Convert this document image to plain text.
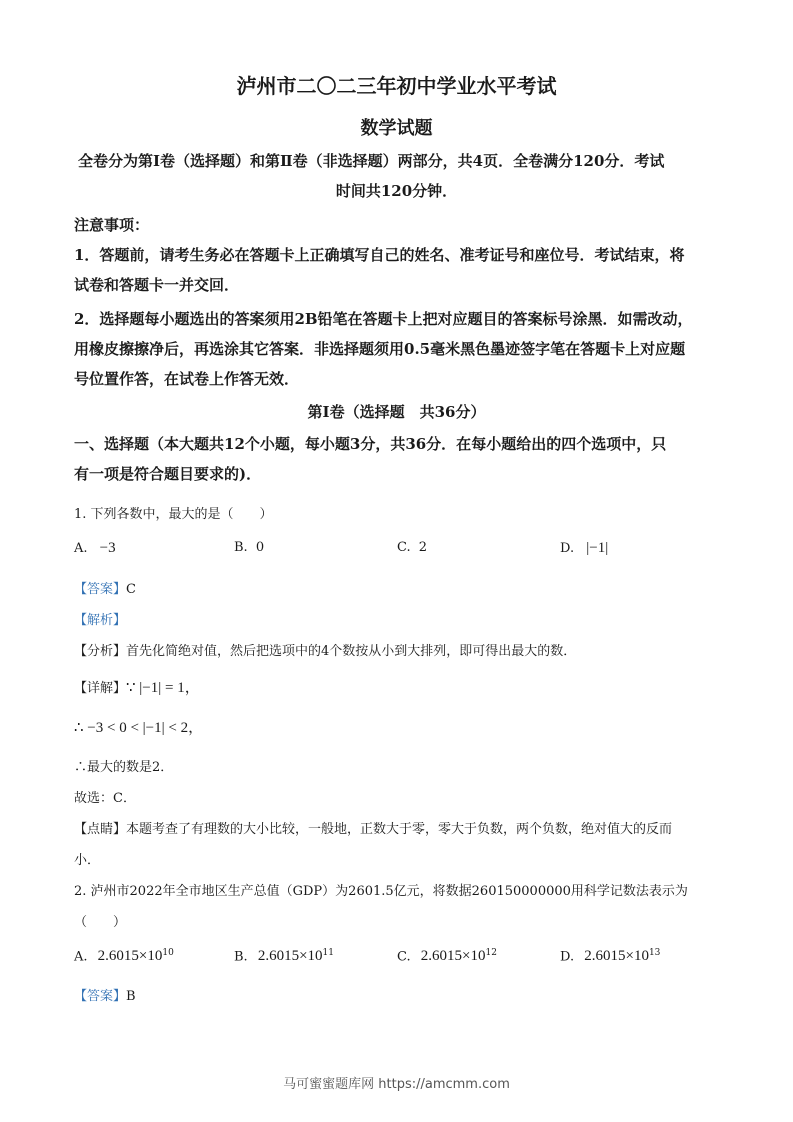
泸州市二〇二三年初中学业水平考试
数学试题
全卷分为第Ⅰ卷（选择题）和第Ⅱ卷（非选择题）两部分，共4页．全卷满分120分．考试
时间共120分钟．
注意事项：
1．答题前，请考生务必在答题卡上正确填写自己的姓名、准考证号和座位号．考试结束，将
试卷和答题卡一并交回．
2．选择题每小题选出的答案须用2B铅笔在答题卡上把对应题目的答案标号涂黑．如需改动，
用橡皮擦擦净后，再选涂其它答案．非选择题须用0.5毫米黑色墨迹签字笔在答题卡上对应题
号位置作答，在试卷上作答无效．
第Ⅰ卷（选择题　共36分）
一、选择题（本大题共12个小题，每小题3分，共36分．在每小题给出的四个选项中，只
有一项是符合题目要求的)．
1. 下列各数中，最大的是（　　）
A. −3	B. 0	C. 2	D. |−1|
【答案】C
【解析】
【分析】首先化简绝对值，然后把选项中的4个数按从小到大排列，即可得出最大的数．
【详解】∵ |−1| = 1，
∴ −3 < 0 < |−1| < 2，
∴最大的数是2．
故选：C．
【点睛】本题考查了有理数的大小比较，一般地，正数大于零，零大于负数，两个负数，绝对值大的反而
小．
2. 泸州市2022年全市地区生产总值（GDP）为2601.5亿元，将数据260150000000用科学记数法表示为
（　　）
A. $2.6015\times 10^{10}$	B. $2.6015\times 10^{11}$	C. $2.6015\times 10^{12}$	D. $2.6015\times 10^{13}$
【答案】B
马可蜜蜜题库网 https://amcmm.com
